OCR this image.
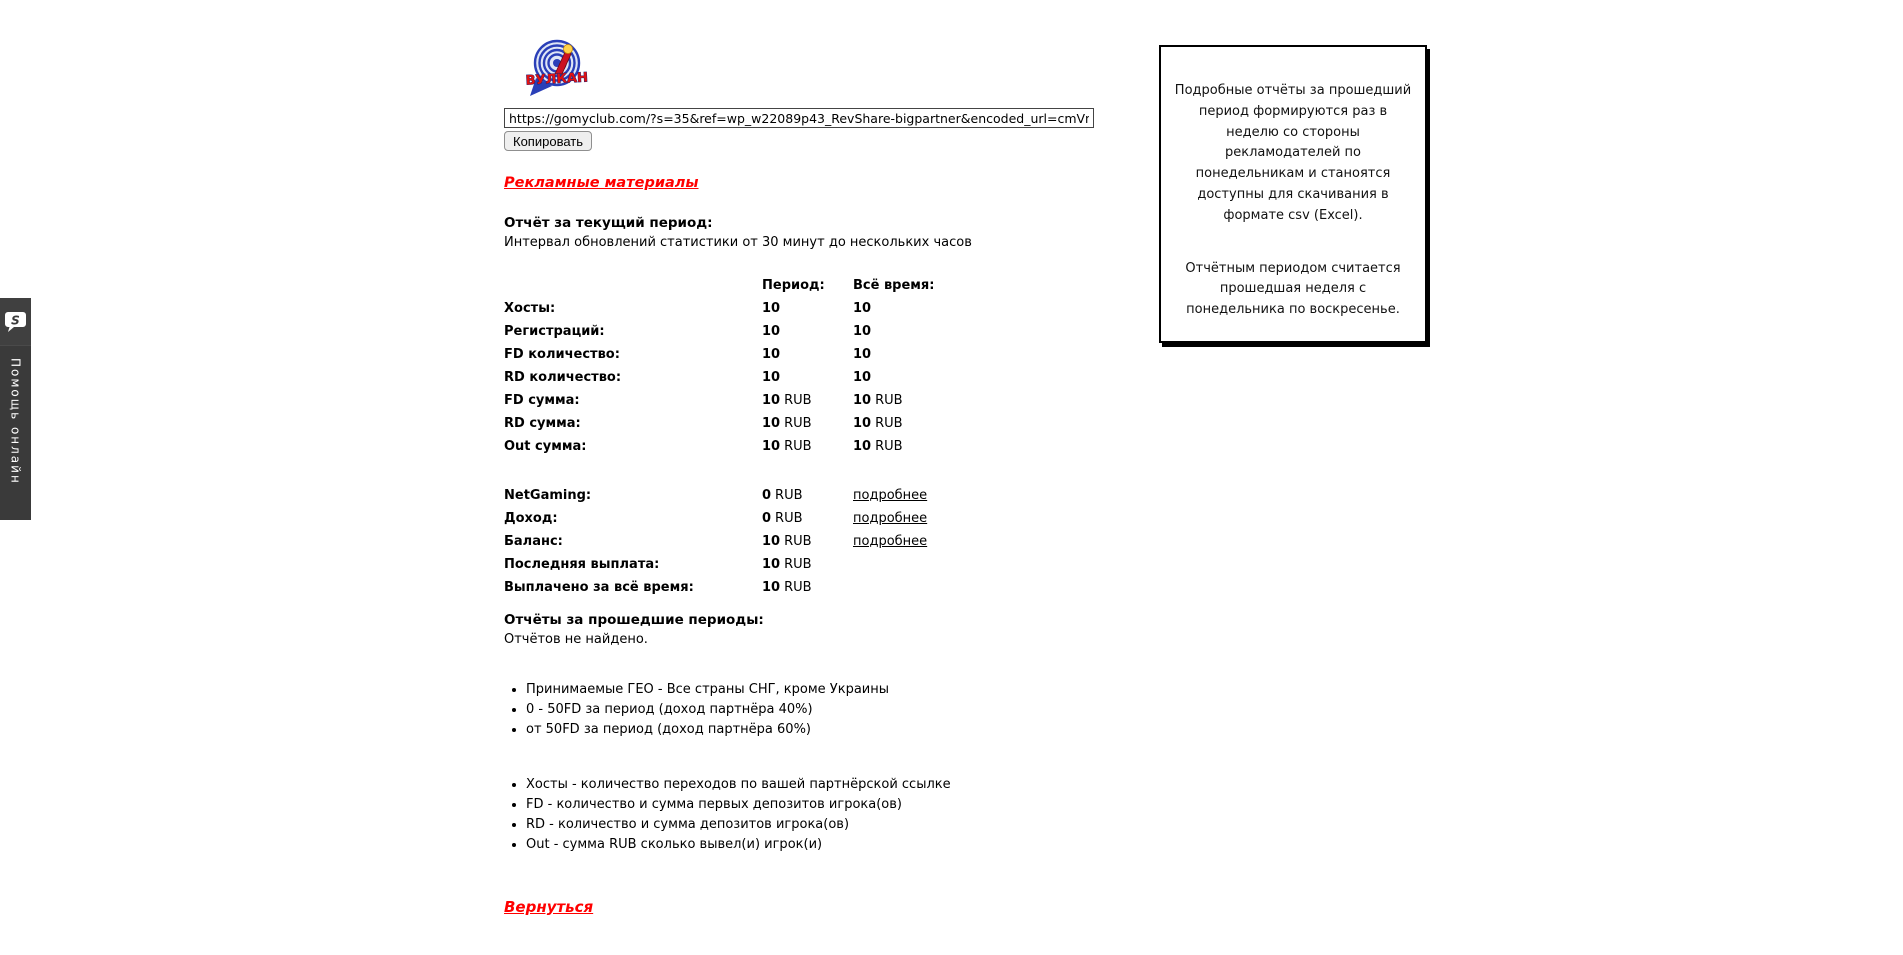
S
Помощь онлайн
ВУЛКАН
https://gomyclub.com/?s=35&ref=wp_w22089p43_RevShare-bigpartner&encoded_url=cmVnaXN
Копировать
Рекламные материалы
Отчёт за текущий период:
Интервал обновлений статистики от 30 минут до нескольких часов
Период:	Всё время:
Хосты:	10	10
Регистраций:	10	10
FD количество:	10	10
RD количество:	10	10
FD сумма:	10 RUB	10 RUB
RD сумма:	10 RUB	10 RUB
Out сумма:	10 RUB	10 RUB
NetGaming:	0 RUB	подробнее
Доход:	0 RUB	подробнее
Баланс:	10 RUB	подробнее
Последняя выплата:	10 RUB
Выплачено за всё время:	10 RUB
Отчёты за прошедшие периоды:
Отчётов не найдено.
• Принимаемые ГЕО - Все страны СНГ, кроме Украины
• 0 - 50FD за период (доход партнёра 40%)
• от 50FD за период (доход партнёра 60%)
• Хосты - количество переходов по вашей партнёрской ссылке
• FD - количество и сумма первых депозитов игрока(ов)
• RD - количество и сумма депозитов игрока(ов)
• Out - сумма RUB сколько вывел(и) игрок(и)
Вернуться

Подробные отчёты за прошедший период формируются раз в неделю со стороны рекламодателей по понедельникам и станоятся доступны для скачивания в формате csv (Excel).

Отчётным периодом считается прошедшая неделя с понедельника по воскресенье.
